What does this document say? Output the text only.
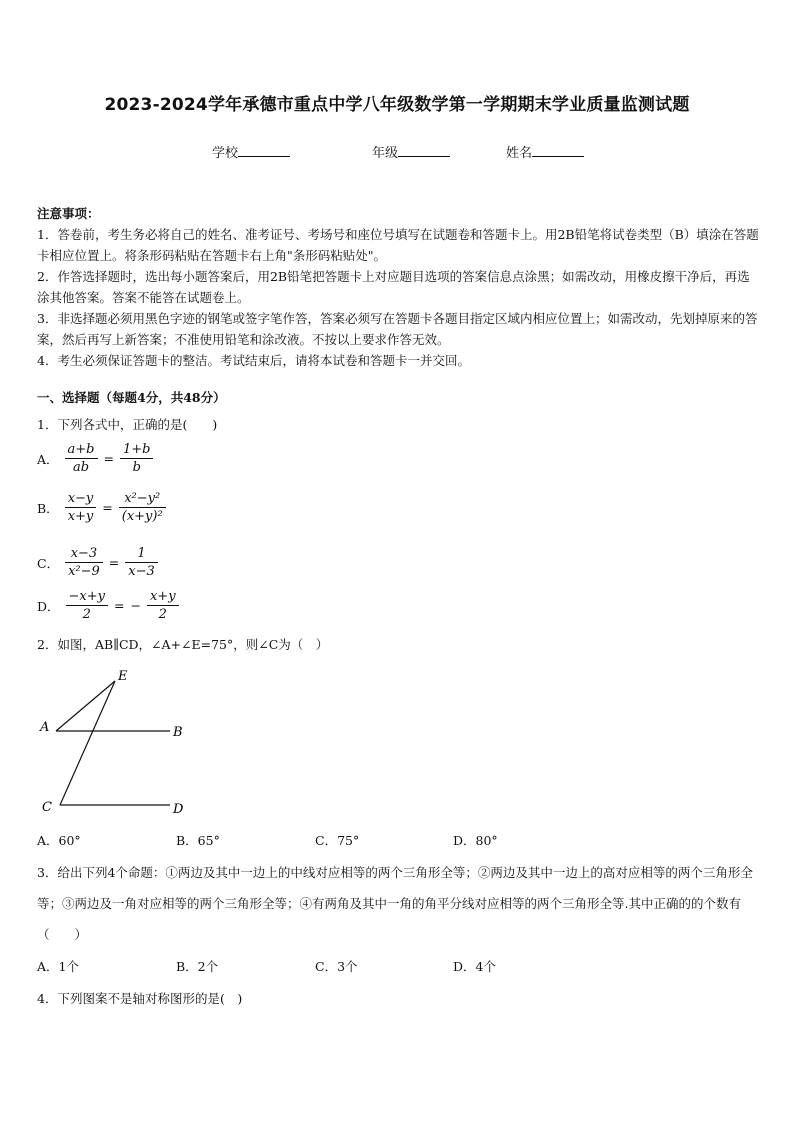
2023-2024学年承德市重点中学八年级数学第一学期期末学业质量监测试题
学校	年级	姓名

注意事项：

1．答卷前，考生务必将自己的姓名、准考证号、考场号和座位号填写在试题卷和答题卡上。用2B铅笔将试卷类型（B）填涂在答题卡相应位置上。将条形码粘贴在答题卡右上角"条形码粘贴处"。

2．作答选择题时，选出每小题答案后，用2B铅笔把答题卡上对应题目选项的答案信息点涂黑；如需改动，用橡皮擦干净后，再选涂其他答案。答案不能答在试题卷上。

3．非选择题必须用黑色字迹的钢笔或签字笔作答，答案必须写在答题卡各题目指定区域内相应位置上；如需改动，先划掉原来的答案，然后再写上新答案；不准使用铅笔和涂改液。不按以上要求作答无效。

4．考生必须保证答题卡的整洁。考试结束后，请将本试卷和答题卡一并交回。

一、选择题（每题4分，共48分）
1．下列各式中，正确的是(　　)
A． $\frac{a+b}{ab} = \frac{1+b}{b}$
B． $\frac{x-y}{x+y} = \frac{\text{x²−y²}}{\text{(x+y)²}}$
C． $\frac{x-3}{\text{x²−9}} = \frac{1}{x-3}$
D． $\frac{-x+y}{2}$ = − $\frac{x+y}{2}$
2．如图，AB∥CD，∠A+∠E=75°，则∠C为（　）
A	B
C	D
E
A．60°	B．65°	C．75°	D．80°
3．给出下列4个命题：①两边及其中一边上的中线对应相等的两个三角形全等；②两边及其中一边上的高对应相等的两个三角形全等；③两边及一角对应相等的两个三角形全等；④有两角及其中一角的角平分线对应相等的两个三角形全等.其中正确的的个数有（　　）
A．1个	B．2个	C．3个	D．4个
4．下列图案不是轴对称图形的是(　)
